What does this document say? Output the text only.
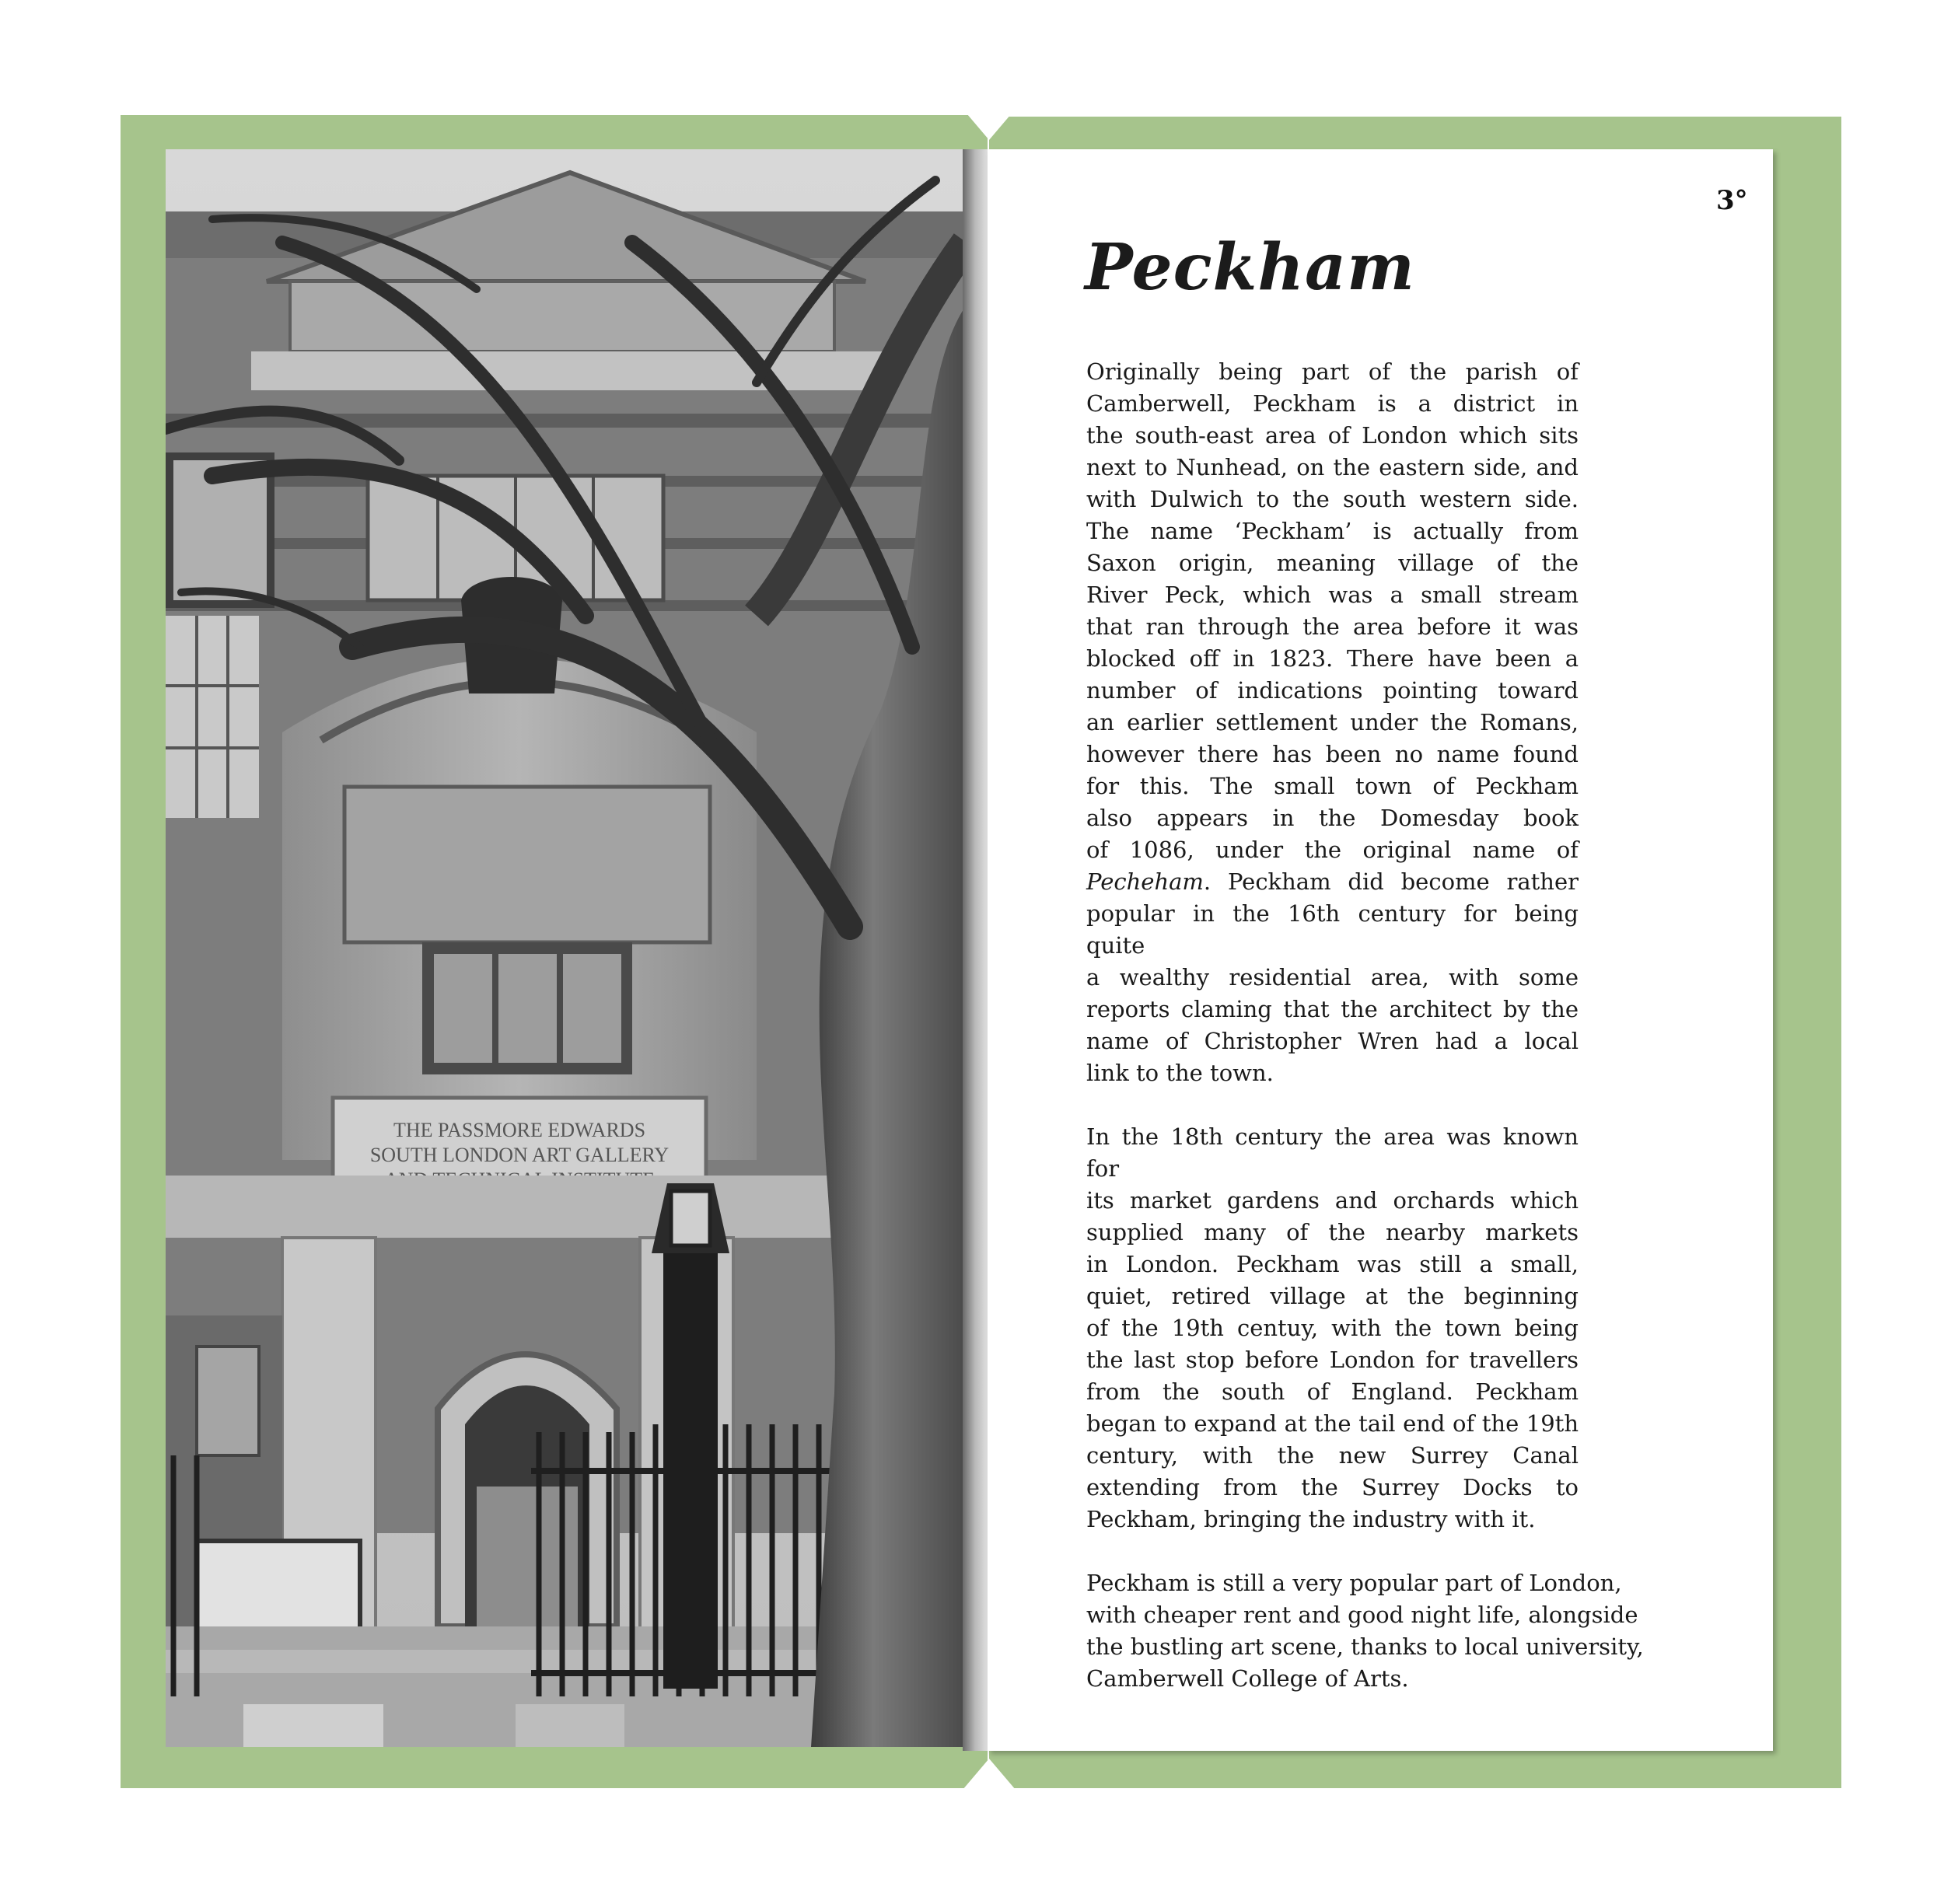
THE PASSMORE EDWARDS
SOUTH LONDON ART GALLERY
3°
Peckham

Originally being part of the parish of
Camberwell, Peckham is a district in
the south-east area of London which sits
next to Nunhead, on the eastern side, and
with Dulwich to the south western side.
The name ‘Peckham’ is actually from
Saxon origin, meaning village of the
River Peck, which was a small stream
that ran through the area before it was
blocked off in 1823. There have been a
number of indications pointing toward
an earlier settlement under the Romans,
however there has been no name found
for this. The small town of Peckham
also appears in the Domesday book
of 1086, under the original name of
Pecheham. Peckham did become rather
popular in the 16th century for being quite
a wealthy residential area, with some
reports claming that the architect by the
name of Christopher Wren had a local
link to the town.

In the 18th century the area was known for
its market gardens and orchards which
supplied many of the nearby markets
in London. Peckham was still a small,
quiet, retired village at the beginning
of the 19th centuy, with the town being
the last stop before London for travellers
from the south of England. Peckham
began to expand at the tail end of the 19th
century, with the new Surrey Canal
extending from the Surrey Docks to
Peckham, bringing the industry with it.

Peckham is still a very popular part of London,
with cheaper rent and good night life, alongside
the bustling art scene, thanks to local university,
Camberwell College of Arts.
